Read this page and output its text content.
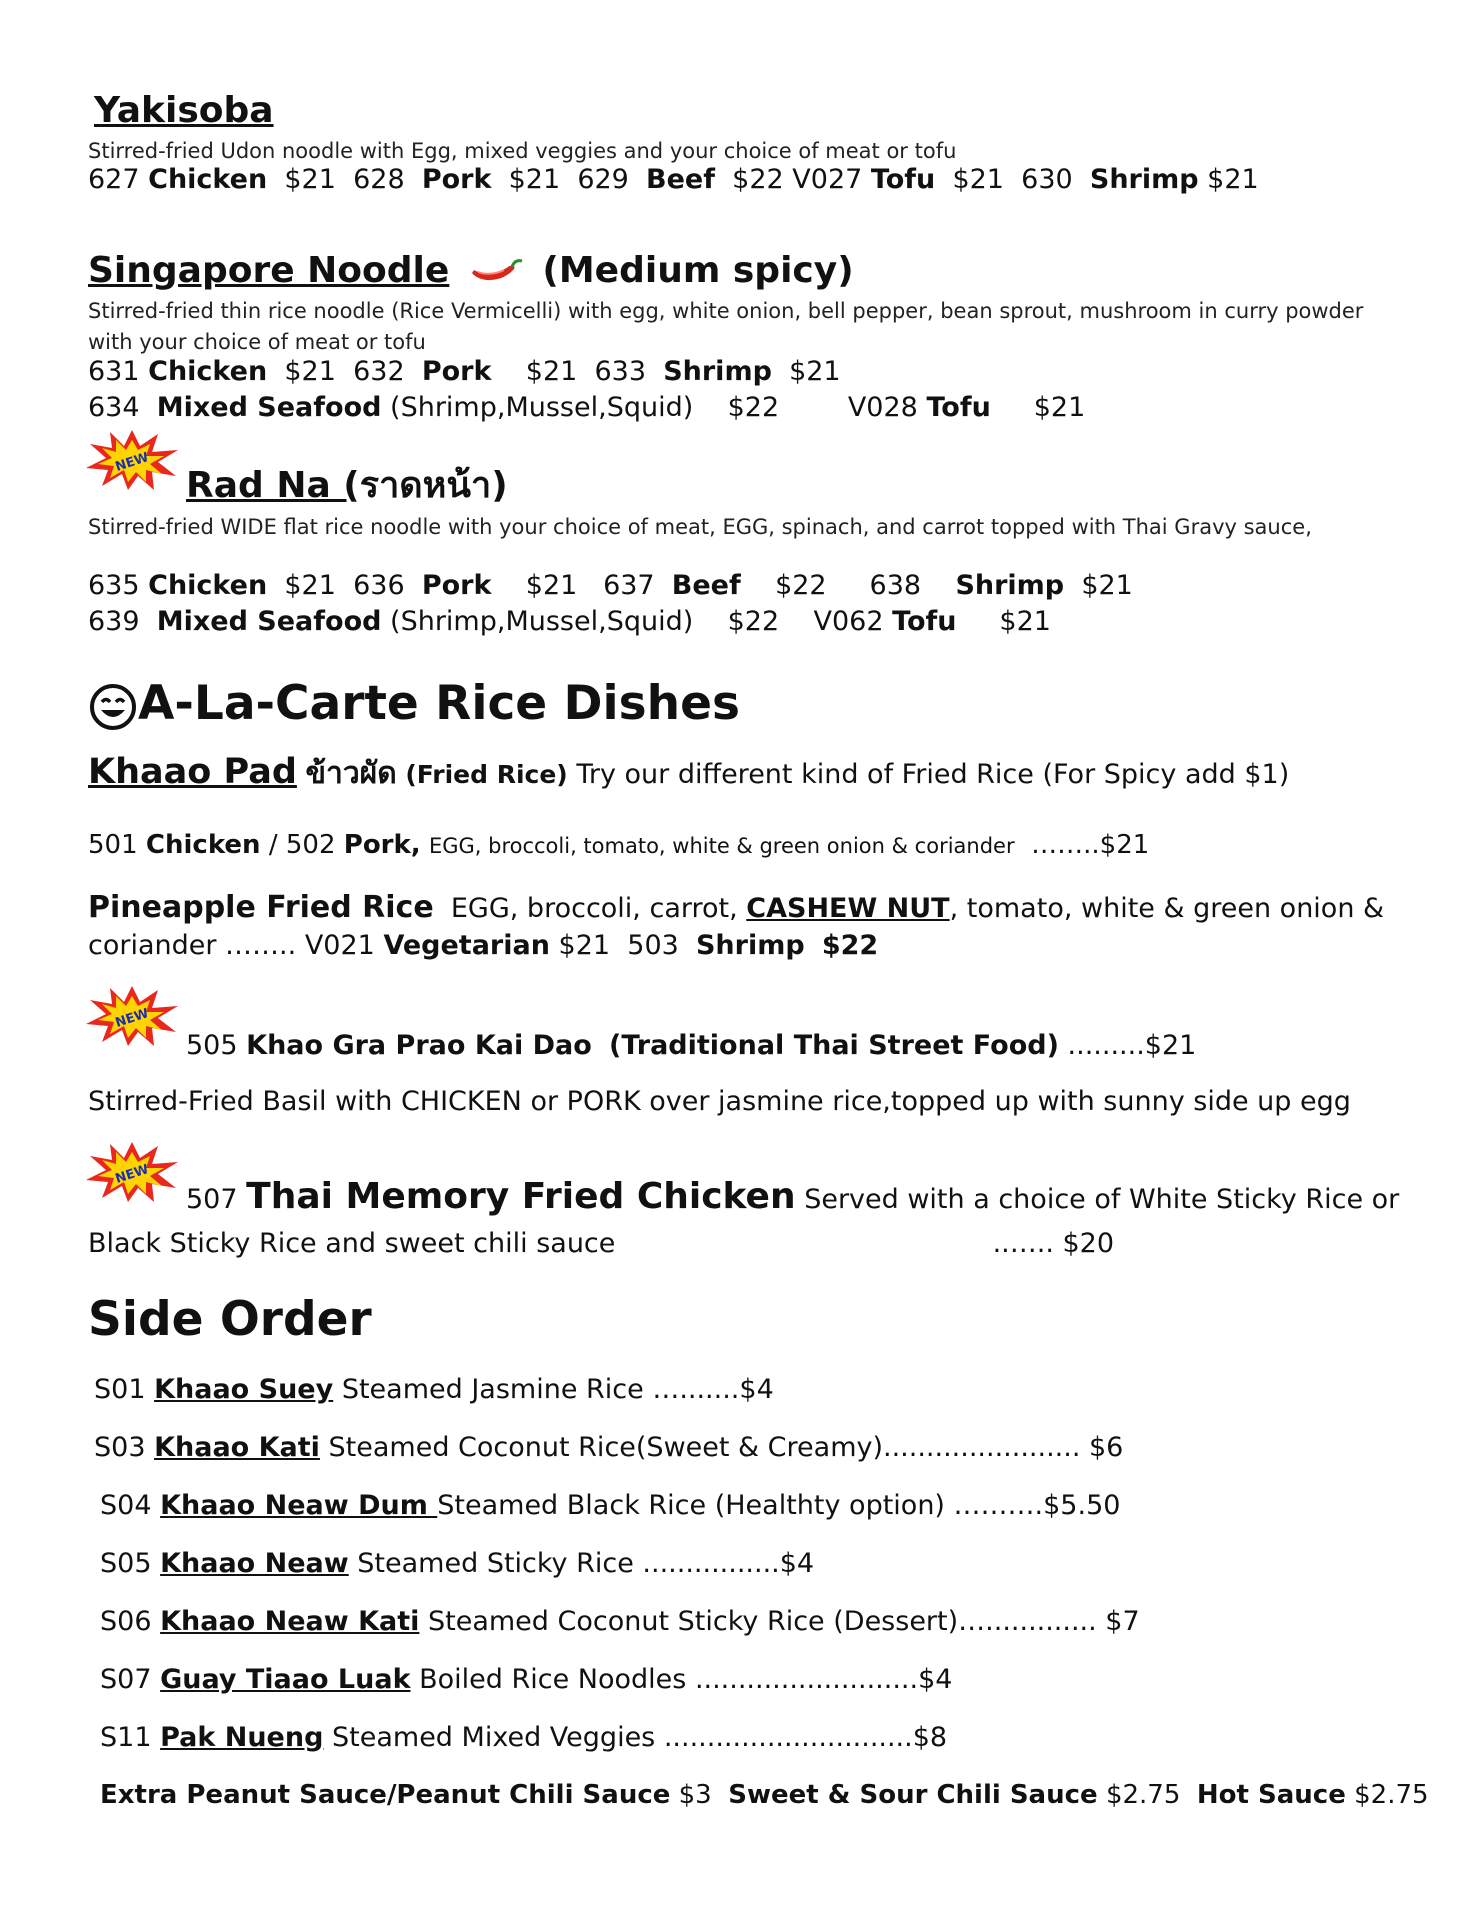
Yakisoba
Stirred-fried Udon noodle with Egg, mixed veggies and your choice of meat or tofu
627 Chicken $21 628 Pork $21 629 Beef $22 V027 Tofu $21 630 Shrimp $21
Singapore Noodle	(Medium spicy)
Stirred-fried thin rice noodle (Rice Vermicelli) with egg, white onion, bell pepper, bean sprout, mushroom in curry powder with your choice of meat or tofu
631 Chicken $21 632 Pork $21 633 Shrimp $21
634 Mixed Seafood (Shrimp,Mussel,Squid) $22	V028 Tofu $21
NEW
Rad Na (ราดหน้า)
Stirred-fried WIDE flat rice noodle with your choice of meat, EGG, spinach, and carrot topped with Thai Gravy sauce,
635 Chicken $21 636 Pork $21 637 Beef $22 638 Shrimp $21
639 Mixed Seafood (Shrimp,Mussel,Squid) $22 V062 Tofu $21
A-La-Carte Rice Dishes
Khaao Pad ข้าวผัด (Fried Rice) Try our different kind of Fried Rice (For Spicy add $1)
501 Chicken / 502 Pork, EGG, broccoli, tomato, white & green onion & coriander ……..$21
Pineapple Fried Rice EGG, broccoli, carrot, CASHEW NUT, tomato, white & green onion &
coriander …….. V021 Vegetarian $21 503 Shrimp $22
NEW
505 Khao Gra Prao Kai Dao (Traditional Thai Street Food) .........$21
Stirred-Fried Basil with CHICKEN or PORK over jasmine rice,topped up with sunny side up egg
NEW
507 Thai Memory Fried Chicken Served with a choice of White Sticky Rice or
Black Sticky Rice and sweet chili sauce	..….. $20
Side Order
S01 Khaao Suey Steamed Jasmine Rice ….......$4
S03 Khaao Kati Steamed Coconut Rice(Sweet & Creamy)....................... $6
S04 Khaao Neaw Dum Steamed Black Rice (Healthty option) ……….$5.50
S05 Khaao Neaw Steamed Sticky Rice ................$4
S06 Khaao Neaw Kati Steamed Coconut Sticky Rice (Dessert)…............. $7
S07 Guay Tiaao Luak Boiled Rice Noodles ..........................$4
S11 Pak Nueng Steamed Mixed Veggies .............................$8
Extra Peanut Sauce/Peanut Chili Sauce $3 Sweet & Sour Chili Sauce $2.75 Hot Sauce $2.75
